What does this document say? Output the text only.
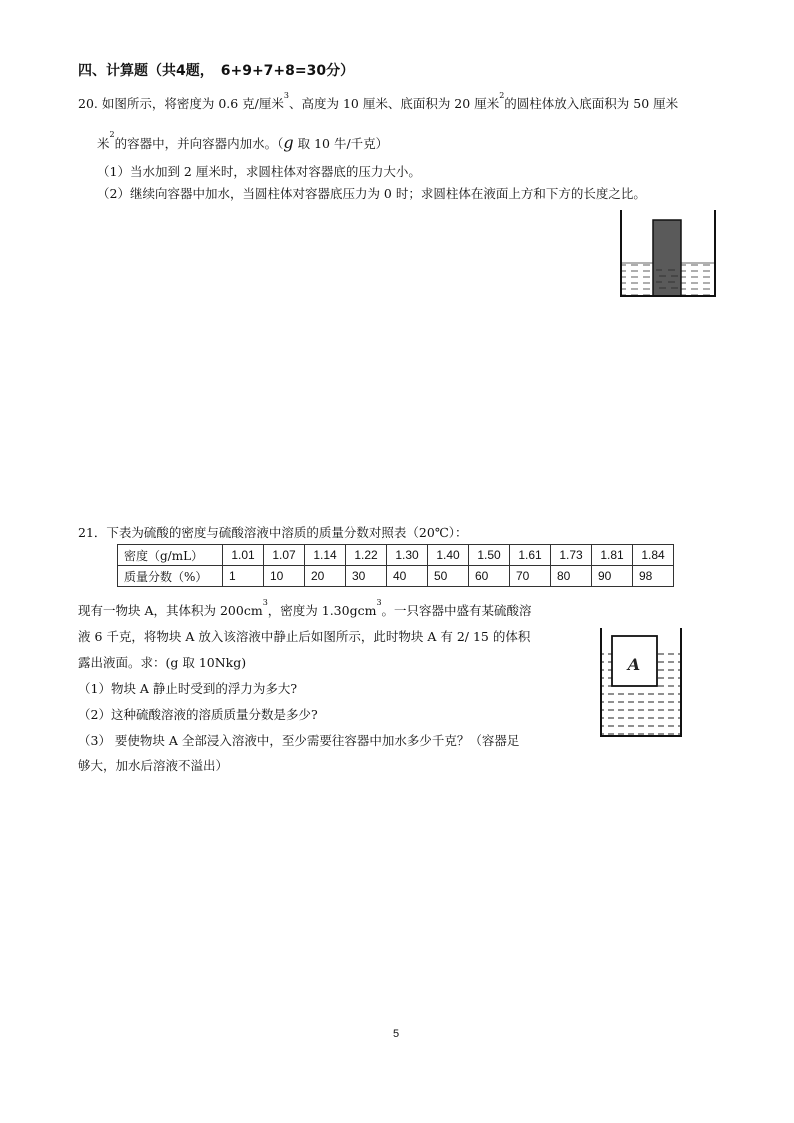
四、计算题（共4题，　6+9+7+8=30分）
20. 如图所示，将密度为 0.6 克/厘米$^3$、高度为 10 厘米、底面积为 20 厘米$^2$的圆柱体放入底面积为 50 厘米
米$^2$的容器中，并向容器内加水。（g 取 10 牛/千克）
（1）当水加到 2 厘米时，求圆柱体对容器底的压力大小。
（2）继续向容器中加水，当圆柱体对容器底压力为 0 时；求圆柱体在液面上方和下方的长度之比。
21．下表为硫酸的密度与硫酸溶液中溶质的质量分数对照表（20℃）：
密度（g/mL）	1.01	1.07	1.14	1.22	1.30	1.40	1.50	1.61	1.73	1.81	1.84
质量分数（%）	1	10	20	30	40	50	60	70	80	90	98
现有一物块 A，其体积为 $200cm^3$，密度为 1.30gcm$^3$。一只容器中盛有某硫酸溶
液 6 千克，将物块 A 放入该溶液中静止后如图所示，此时物块 A 有 2/ 15 的体积
露出液面。求：(g 取 10Nkg)
（1）物块 A 静止时受到的浮力为多大?
（2）这种硫酸溶液的溶质质量分数是多少?
（3） 要使物块 A 全部浸入溶液中，至少需要往容器中加水多少千克？（容器足
够大，加水后溶液不溢出）
A
5
